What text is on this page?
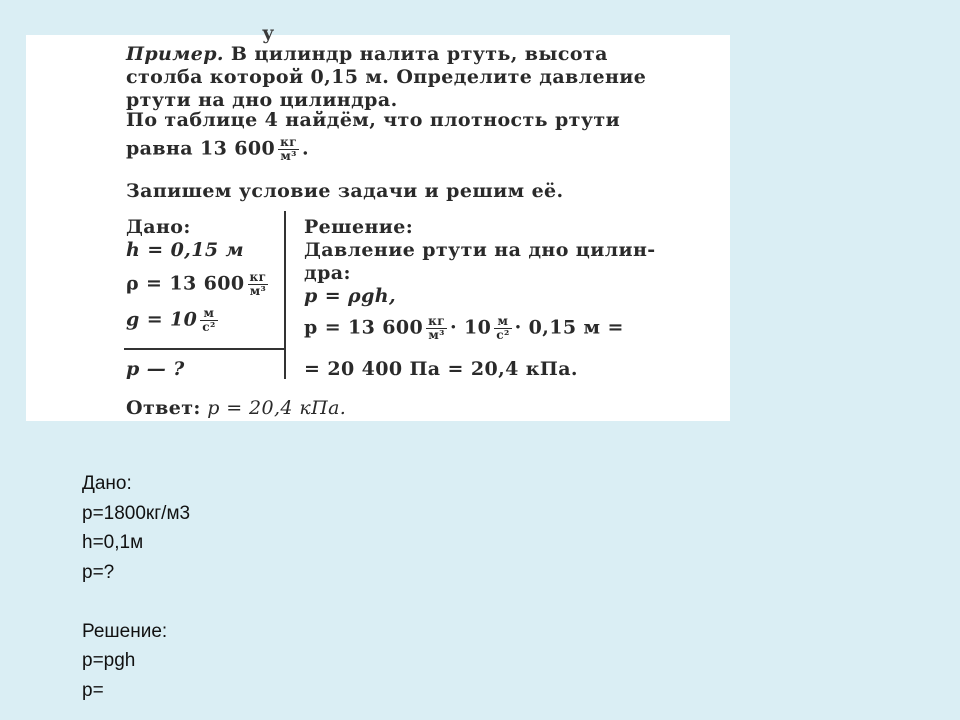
у
Пример. В цилиндр налита ртуть, высота
столба которой 0,15 м. Определите давление
ртути на дно цилиндра.
По таблице 4 найдём, что плотность ртути
равна 13 $600 \frac{кг}{\text{м³}}$ .
Запишем условие задачи и решим её.
Дано:
h = 0,15 м
ρ = 13 $600 \frac{кг}{\text{м³}}$
$g = 10 \frac{м}{\text{с²}}$
p — ?
Решение:
Давление ртути на дно цилин-
дра:
p = ρgh,
p = 13 $600 \frac{кг}{\text{м³}} \cdot 10 \frac{м}{\text{с²}} \cdot 0,15$ м =
= 20 400 Па = 20,4 кПа.
Ответ: p = 20,4 кПа.
Дано:
p=1800кг/м3
h=0,1м
p=?
Решение:
p=pgh
p=
